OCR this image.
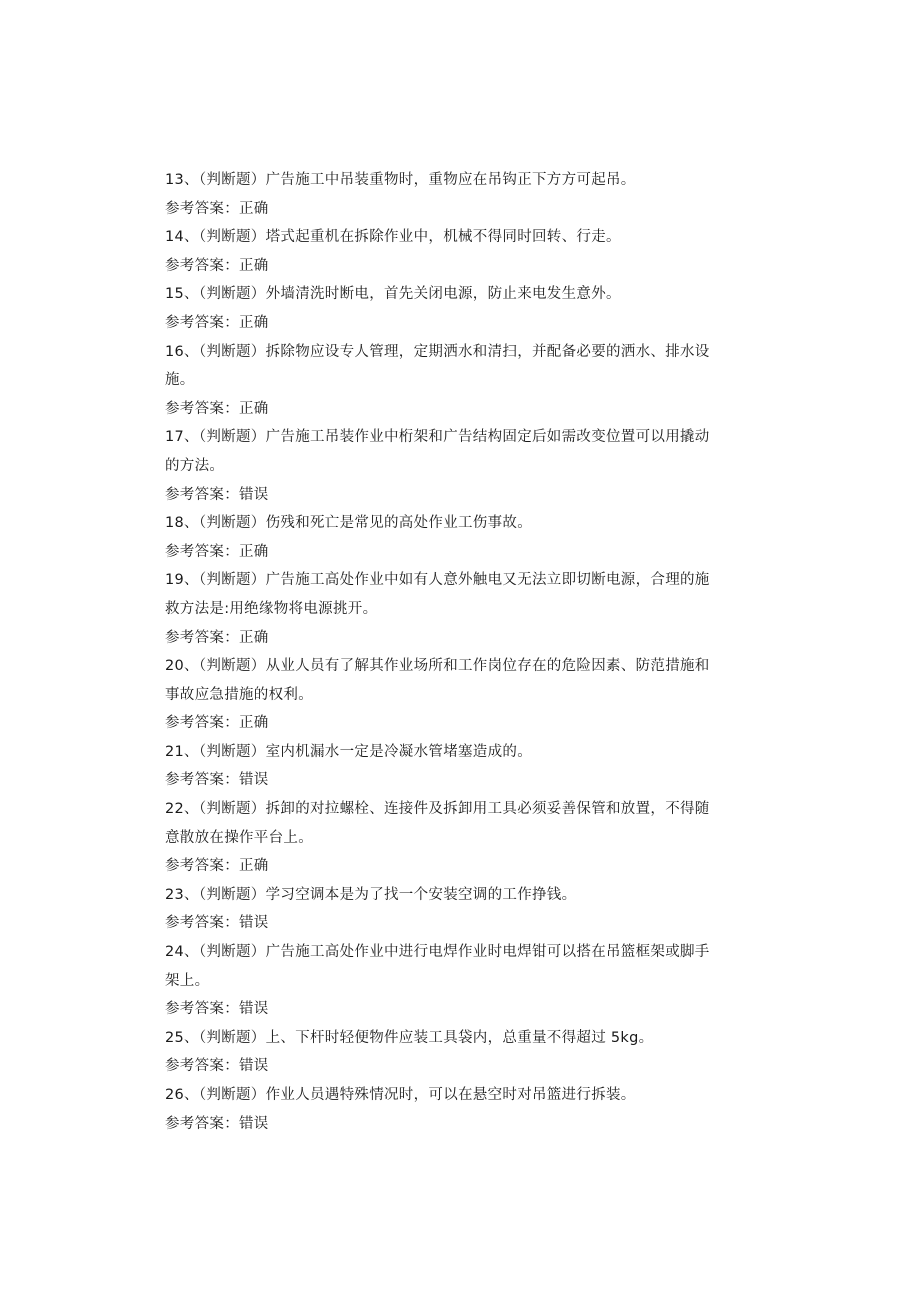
13、（判断题）广告施工中吊装重物时，重物应在吊钩正下方方可起吊。
参考答案：正确
14、（判断题）塔式起重机在拆除作业中，机械不得同时回转、行走。
参考答案：正确
15、（判断题）外墙清洗时断电，首先关闭电源，防止来电发生意外。
参考答案：正确
16、（判断题）拆除物应设专人管理，定期洒水和清扫，并配备必要的洒水、排水设
施。
参考答案：正确
17、（判断题）广告施工吊装作业中桁架和广告结构固定后如需改变位置可以用撬动
的方法。
参考答案：错误
18、（判断题）伤残和死亡是常见的高处作业工伤事故。
参考答案：正确
19、（判断题）广告施工高处作业中如有人意外触电又无法立即切断电源，合理的施
救方法是:用绝缘物将电源挑开。
参考答案：正确
20、（判断题）从业人员有了解其作业场所和工作岗位存在的危险因素、防范措施和
事故应急措施的权利。
参考答案：正确
21、（判断题）室内机漏水一定是冷凝水管堵塞造成的。
参考答案：错误
22、（判断题）拆卸的对拉螺栓、连接件及拆卸用工具必须妥善保管和放置，不得随
意散放在操作平台上。
参考答案：正确
23、（判断题）学习空调本是为了找一个安装空调的工作挣钱。
参考答案：错误
24、（判断题）广告施工高处作业中进行电焊作业时电焊钳可以搭在吊篮框架或脚手
架上。
参考答案：错误
25、（判断题）上、下杆时轻便物件应装工具袋内，总重量不得超过 5kg。
参考答案：错误
26、（判断题）作业人员遇特殊情况时，可以在悬空时对吊篮进行拆装。
参考答案：错误
